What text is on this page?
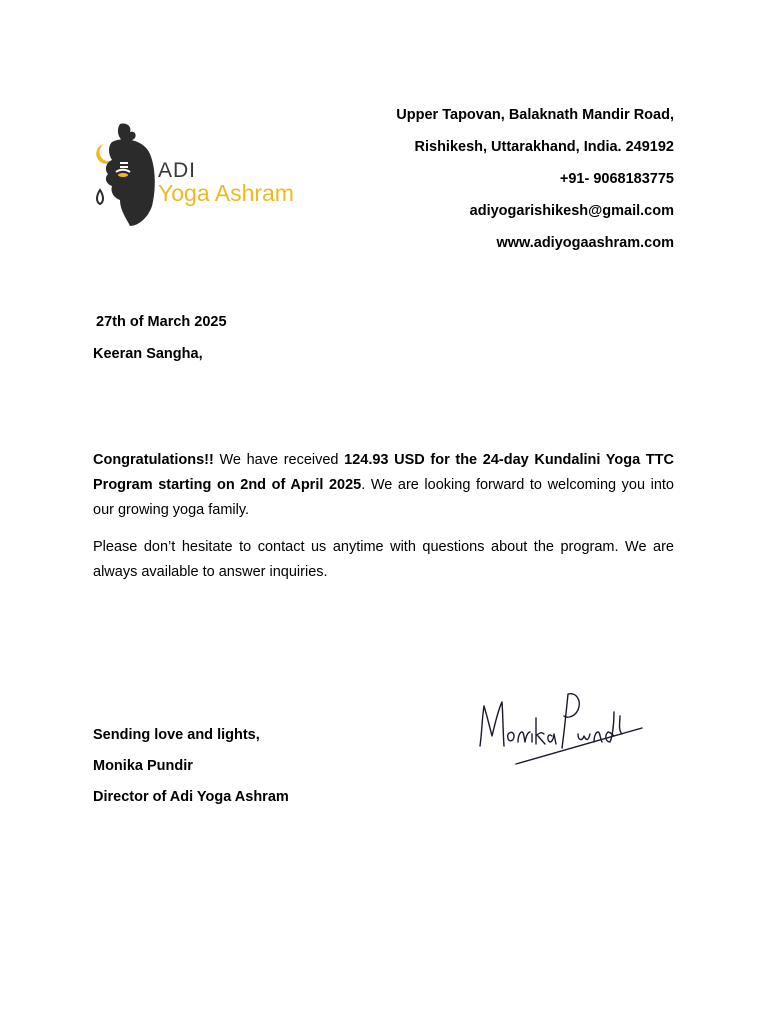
ADI
Yoga Ashram

Upper Tapovan, Balaknath Mandir Road,

Rishikesh, Uttarakhand, India. 249192

+91- 9068183775

adiyogarishikesh@gmail.com

www.adiyogaashram.com

27th of March 2025
Keeran Sangha,

Congratulations!! We have received 124.93 USD for the 24-day Kundalini Yoga TTC Program starting on 2nd of April 2025. We are looking forward to welcoming you into our growing yoga family.

Please don’t hesitate to contact us anytime with questions about the program. We are always available to answer inquiries.

Sending love and lights,

Monika Pundir

Director of Adi Yoga Ashram
